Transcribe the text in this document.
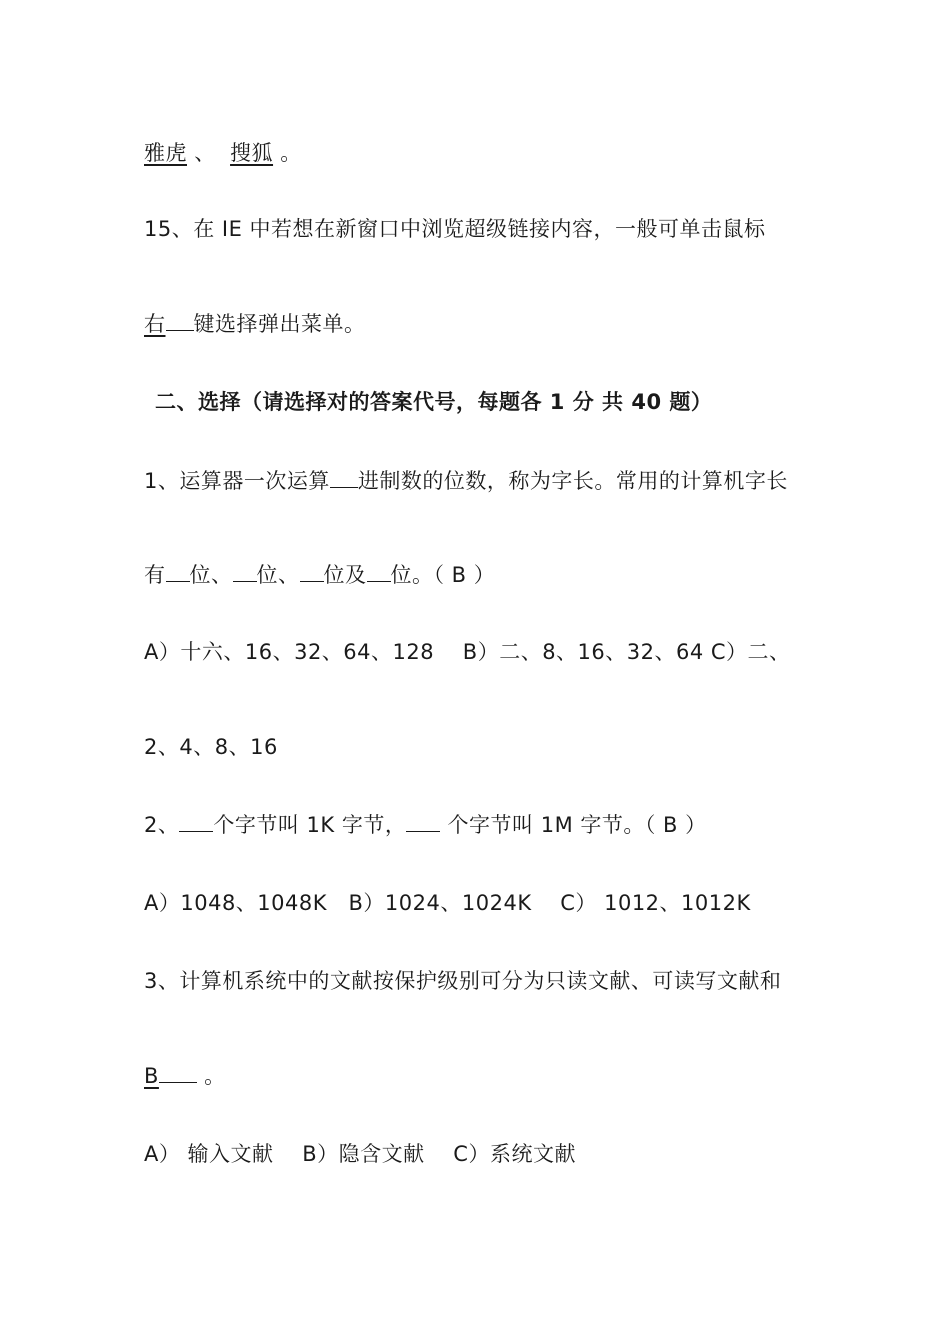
雅虎 、 搜狐 。
15、在 IE 中若想在新窗口中浏览超级链接内容，一般可单击鼠标
右 键选择弹出菜单。
二、选择（请选择对的答案代号，每题各 1 分 共 40 题）
1、运算器一次运算 进制数的位数，称为字长。常用的计算机字长
有 位、 位、 位及 位。（ B ）
A）十六、16、32、64、128　 B）二、8、16、32、64 C）二、
2、4、8、16
2、 个字节叫 1K 字节， 个字节叫 1M 字节。（ B ）
A）1048、1048K　B）1024、1024K　 C） 1012、1012K
3、计算机系统中的文献按保护级别可分为只读文献、可读写文献和
B 。
A） 输入文献　 B）隐含文献　 C）系统文献
